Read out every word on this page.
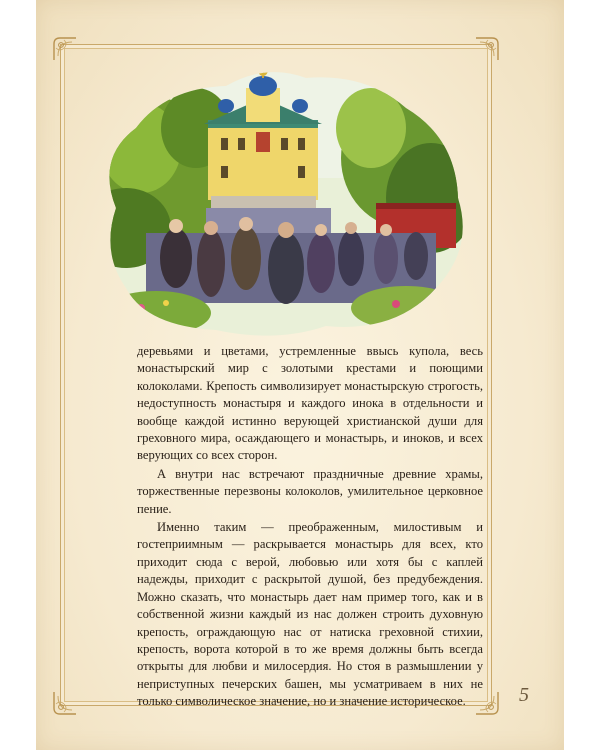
деревьями и цветами, устремленные ввысь купола, весь монастырский мир с золотыми крестами и поющими колоколами. Крепость символизирует монастырскую строгость, недоступность монастыря и каждого инока в отдельности и вообще каждой истинно верующей христианской души для греховного мира, осаждающего и монастырь, и иноков, и всех верующих со всех сторон.

А внутри нас встречают праздничные древние храмы, торжественные перезвоны колоколов, умилительное церковное пение.

Именно таким — преображенным, милостивым и гостеприимным — раскрывается монастырь для всех, кто приходит сюда с верой, любовью или хотя бы с каплей надежды, приходит с раскрытой душой, без предубеждения. Можно сказать, что монастырь дает нам пример того, как и в собственной жизни каждый из нас должен строить духовную крепость, ограждающую нас от натиска греховной стихии, крепость, ворота которой в то же время должны быть всегда открыты для любви и милосердия. Но стоя в размышлении у неприступных печерских башен, мы усматриваем в них не только символическое значение, но и значение историческое.	5
